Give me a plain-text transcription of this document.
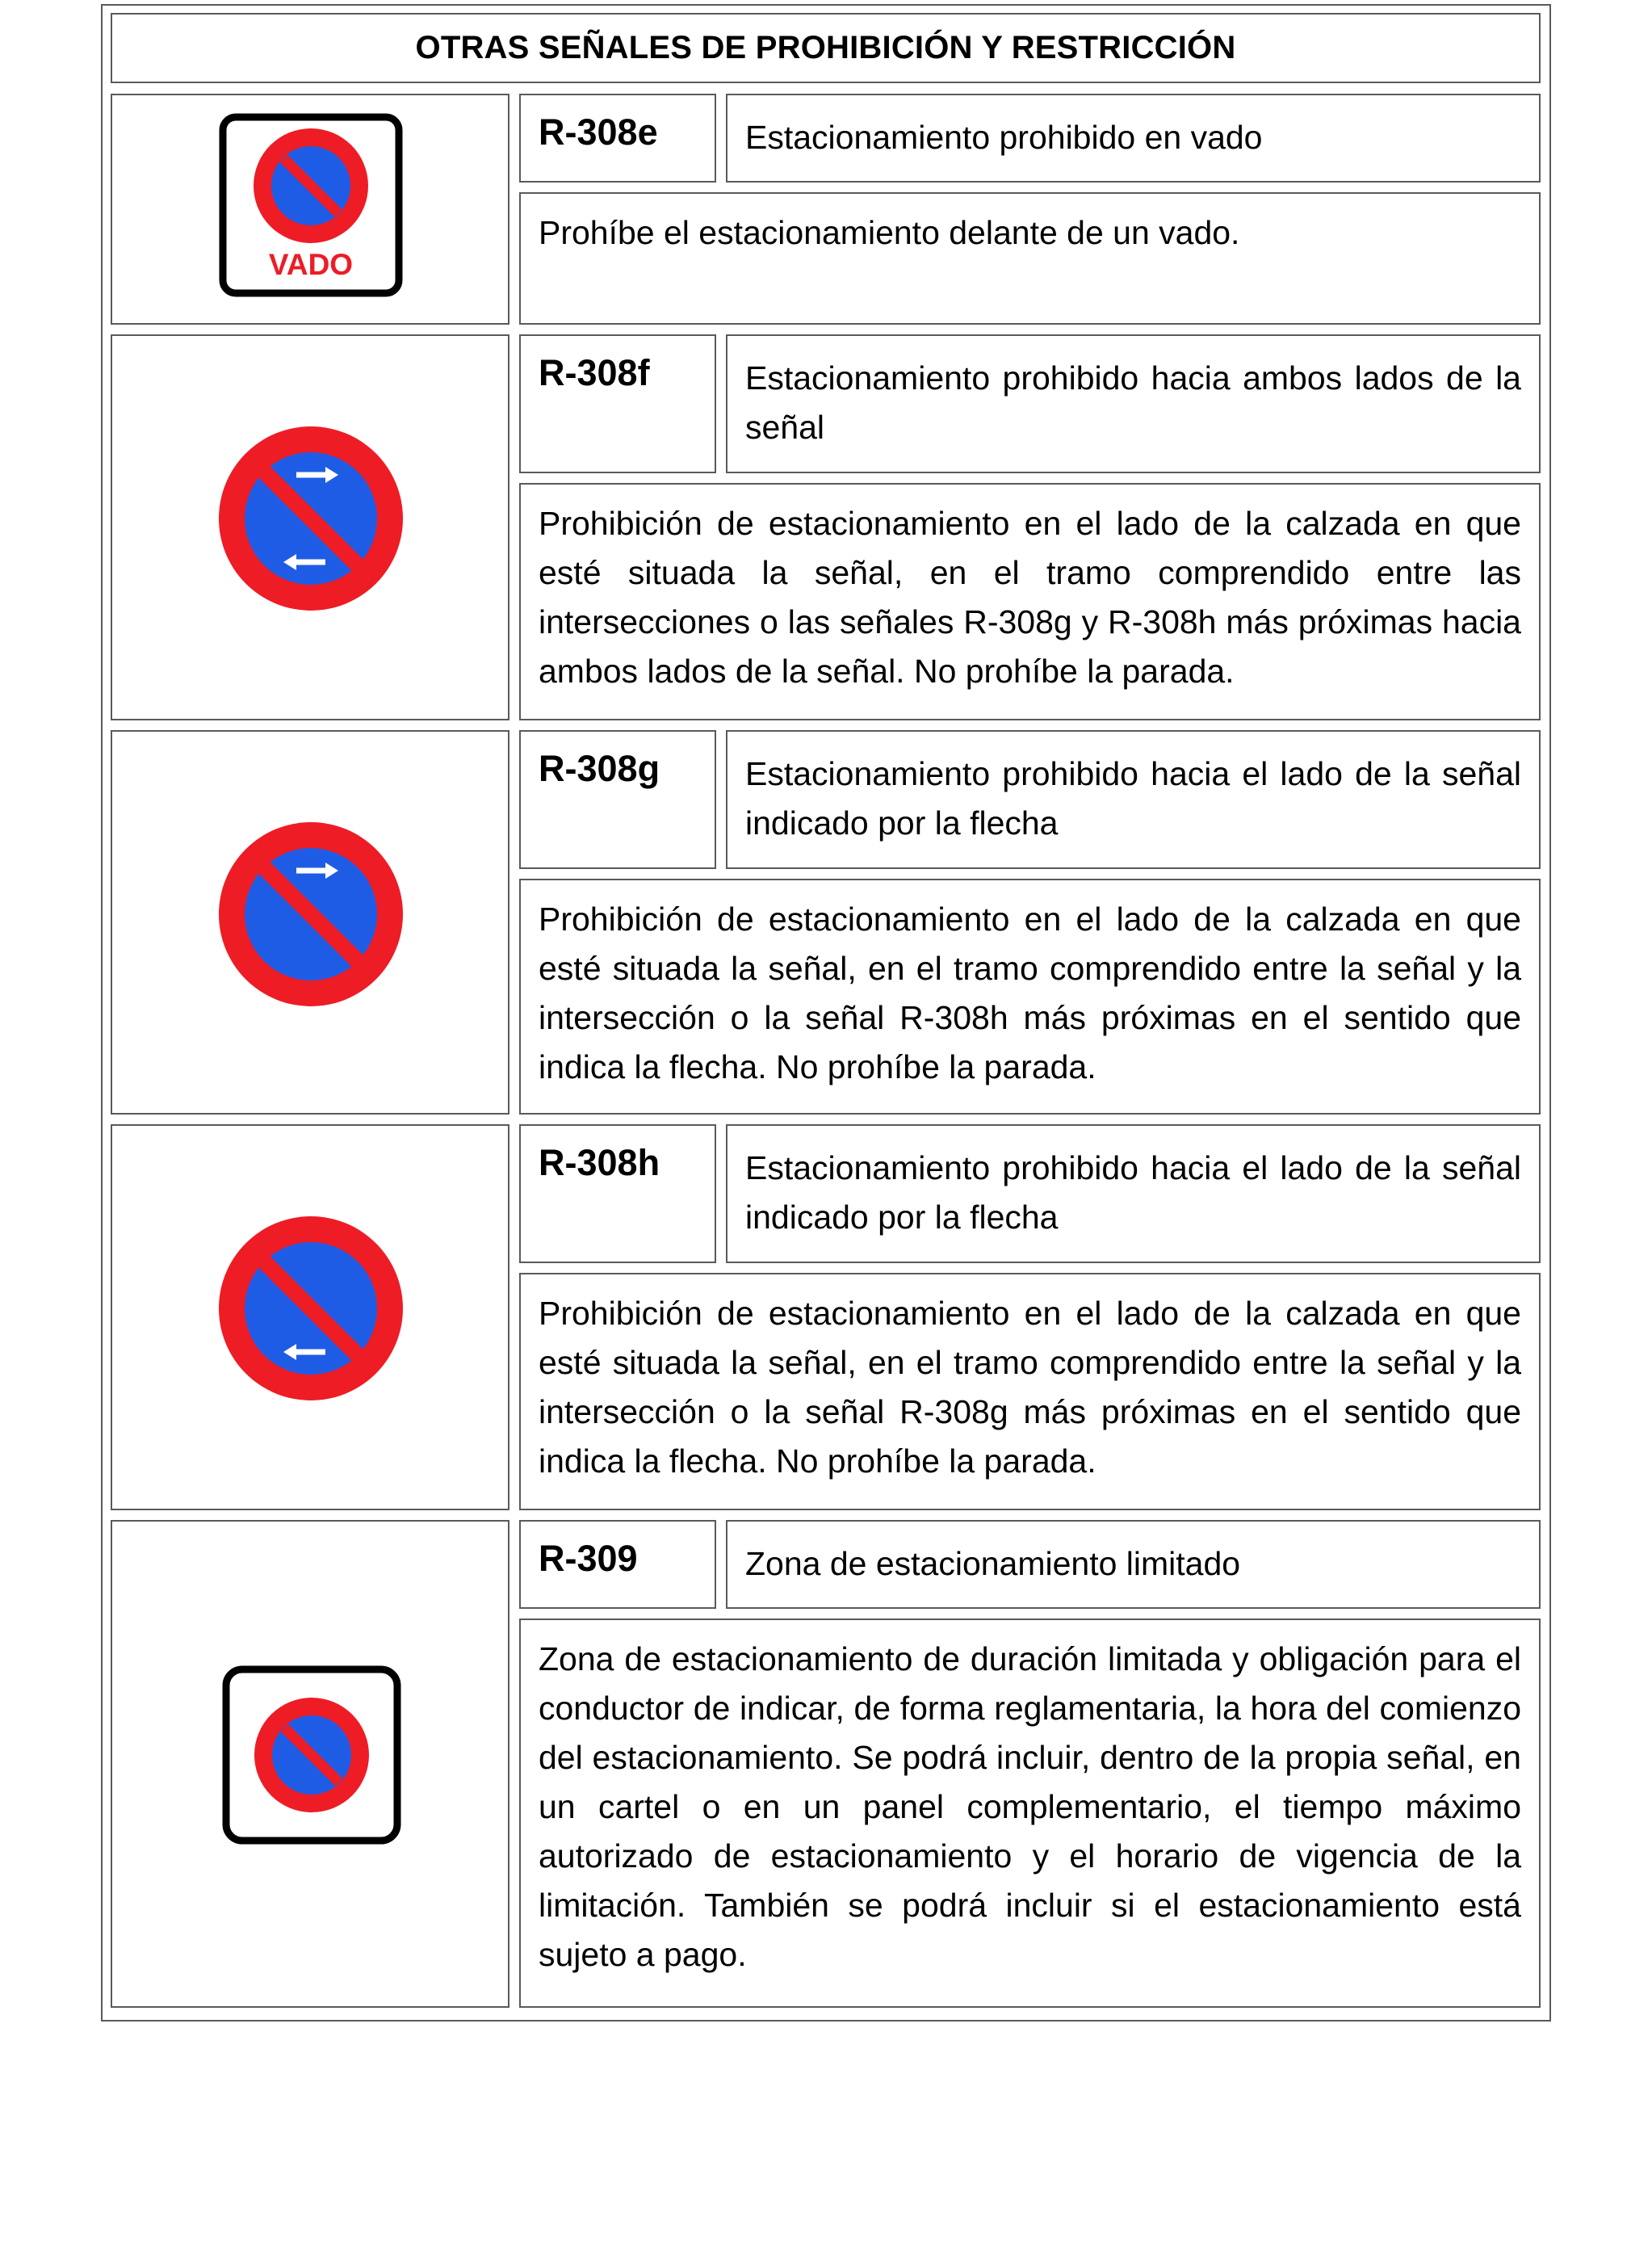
OTRAS SEÑALES DE PROHIBICIÓN Y RESTRICCIÓN
VADO
R-308e	Estacionamiento prohibido en vado
Prohíbe el estacionamiento delante de un vado.
R-308f	Estacionamiento prohibido hacia ambos lados de la señal
Prohibición de estacionamiento en el lado de la calzada en que esté situada la señal, en el tramo comprendido entre las intersecciones o las señales R-308g y R-308h más próximas hacia ambos lados de la señal. No prohíbe la parada.
R-308g	Estacionamiento prohibido hacia el lado de la señal indicado por la flecha
Prohibición de estacionamiento en el lado de la calzada en que esté situada la señal, en el tramo comprendido entre la señal y la intersección o la señal R-308h más próximas en el sentido que indica la flecha. No prohíbe la parada.
R-308h	Estacionamiento prohibido hacia el lado de la señal indicado por la flecha
Prohibición de estacionamiento en el lado de la calzada en que esté situada la señal, en el tramo comprendido entre la señal y la intersección o la señal R-308g más próximas en el sentido que indica la flecha. No prohíbe la parada.
R-309	Zona de estacionamiento limitado
Zona de estacionamiento de duración limitada y obligación para el conductor de indicar, de forma reglamentaria, la hora del comienzo del estacionamiento. Se podrá incluir, dentro de la propia señal, en un cartel o en un panel complementario, el tiempo máximo autorizado de estacionamiento y el horario de vigencia de la limitación. También se podrá incluir si el estacionamiento está sujeto a pago.
